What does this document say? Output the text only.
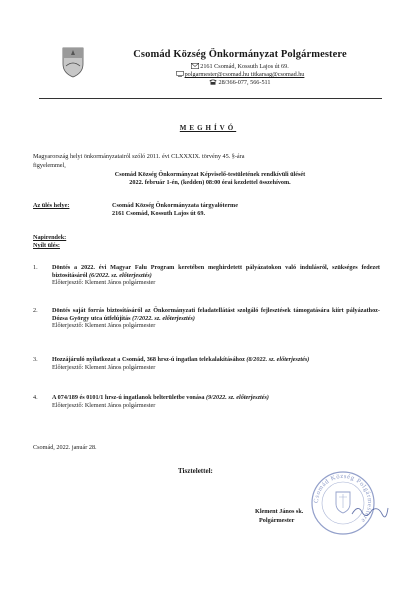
Csomád Község Önkormányzat Polgármestere
2161 Csomád, Kossuth Lajos út 69.
polgarmester@csomad.hu titkarsag@csomad.hu
28/366-077, 566-511
MEGHÍVÓ
Magyarország helyi önkormányzatairól szóló 2011. évi CLXXXIX. törvény 45. §-ára
figyelemmel,
Csomád Község Önkormányzat Képviselő-testületének rendkívüli ülését
2022. február 1-én, (kedden) 08:00 órai kezdettel összehívom.
Az ülés helye:	Csomád Község Önkormányzata tárgyalóterme
2161 Csomád, Kossuth Lajos út 69.
Napirendek:
Nyílt ülés:
1. Döntés a 2022. évi Magyar Falu Program keretében meghirdetett pályázatokon való indulásról, szükséges fedezet biztosításáról (6/2022. sz. előterjesztés)
Előterjesztő: Klement János polgármester
2. Döntés saját forrás biztosításáról az Önkormányzati feladatellátást szolgáló fejlesztések támogatására kiírt pályázathoz-Dózsa György utca útfelújítás (7/2022. sz. előterjesztés)
Előterjesztő: Klement János polgármester
3. Hozzájáruló nyilatkozat a Csomád, 368 hrsz-ú ingatlan telekalakításához (8/2022. sz. előterjesztés)
Előterjesztő: Klement János polgármester
4. A 074/189 és 0101/1 hrsz-ú ingatlanok belterületbe vonása (9/2022. sz. előterjesztés)
Előterjesztő: Klement János polgármester
Csomád, 2022. január 28.
Tisztelettel:
Csomád Község Polgármestere
Klement János sk.
Polgármester
